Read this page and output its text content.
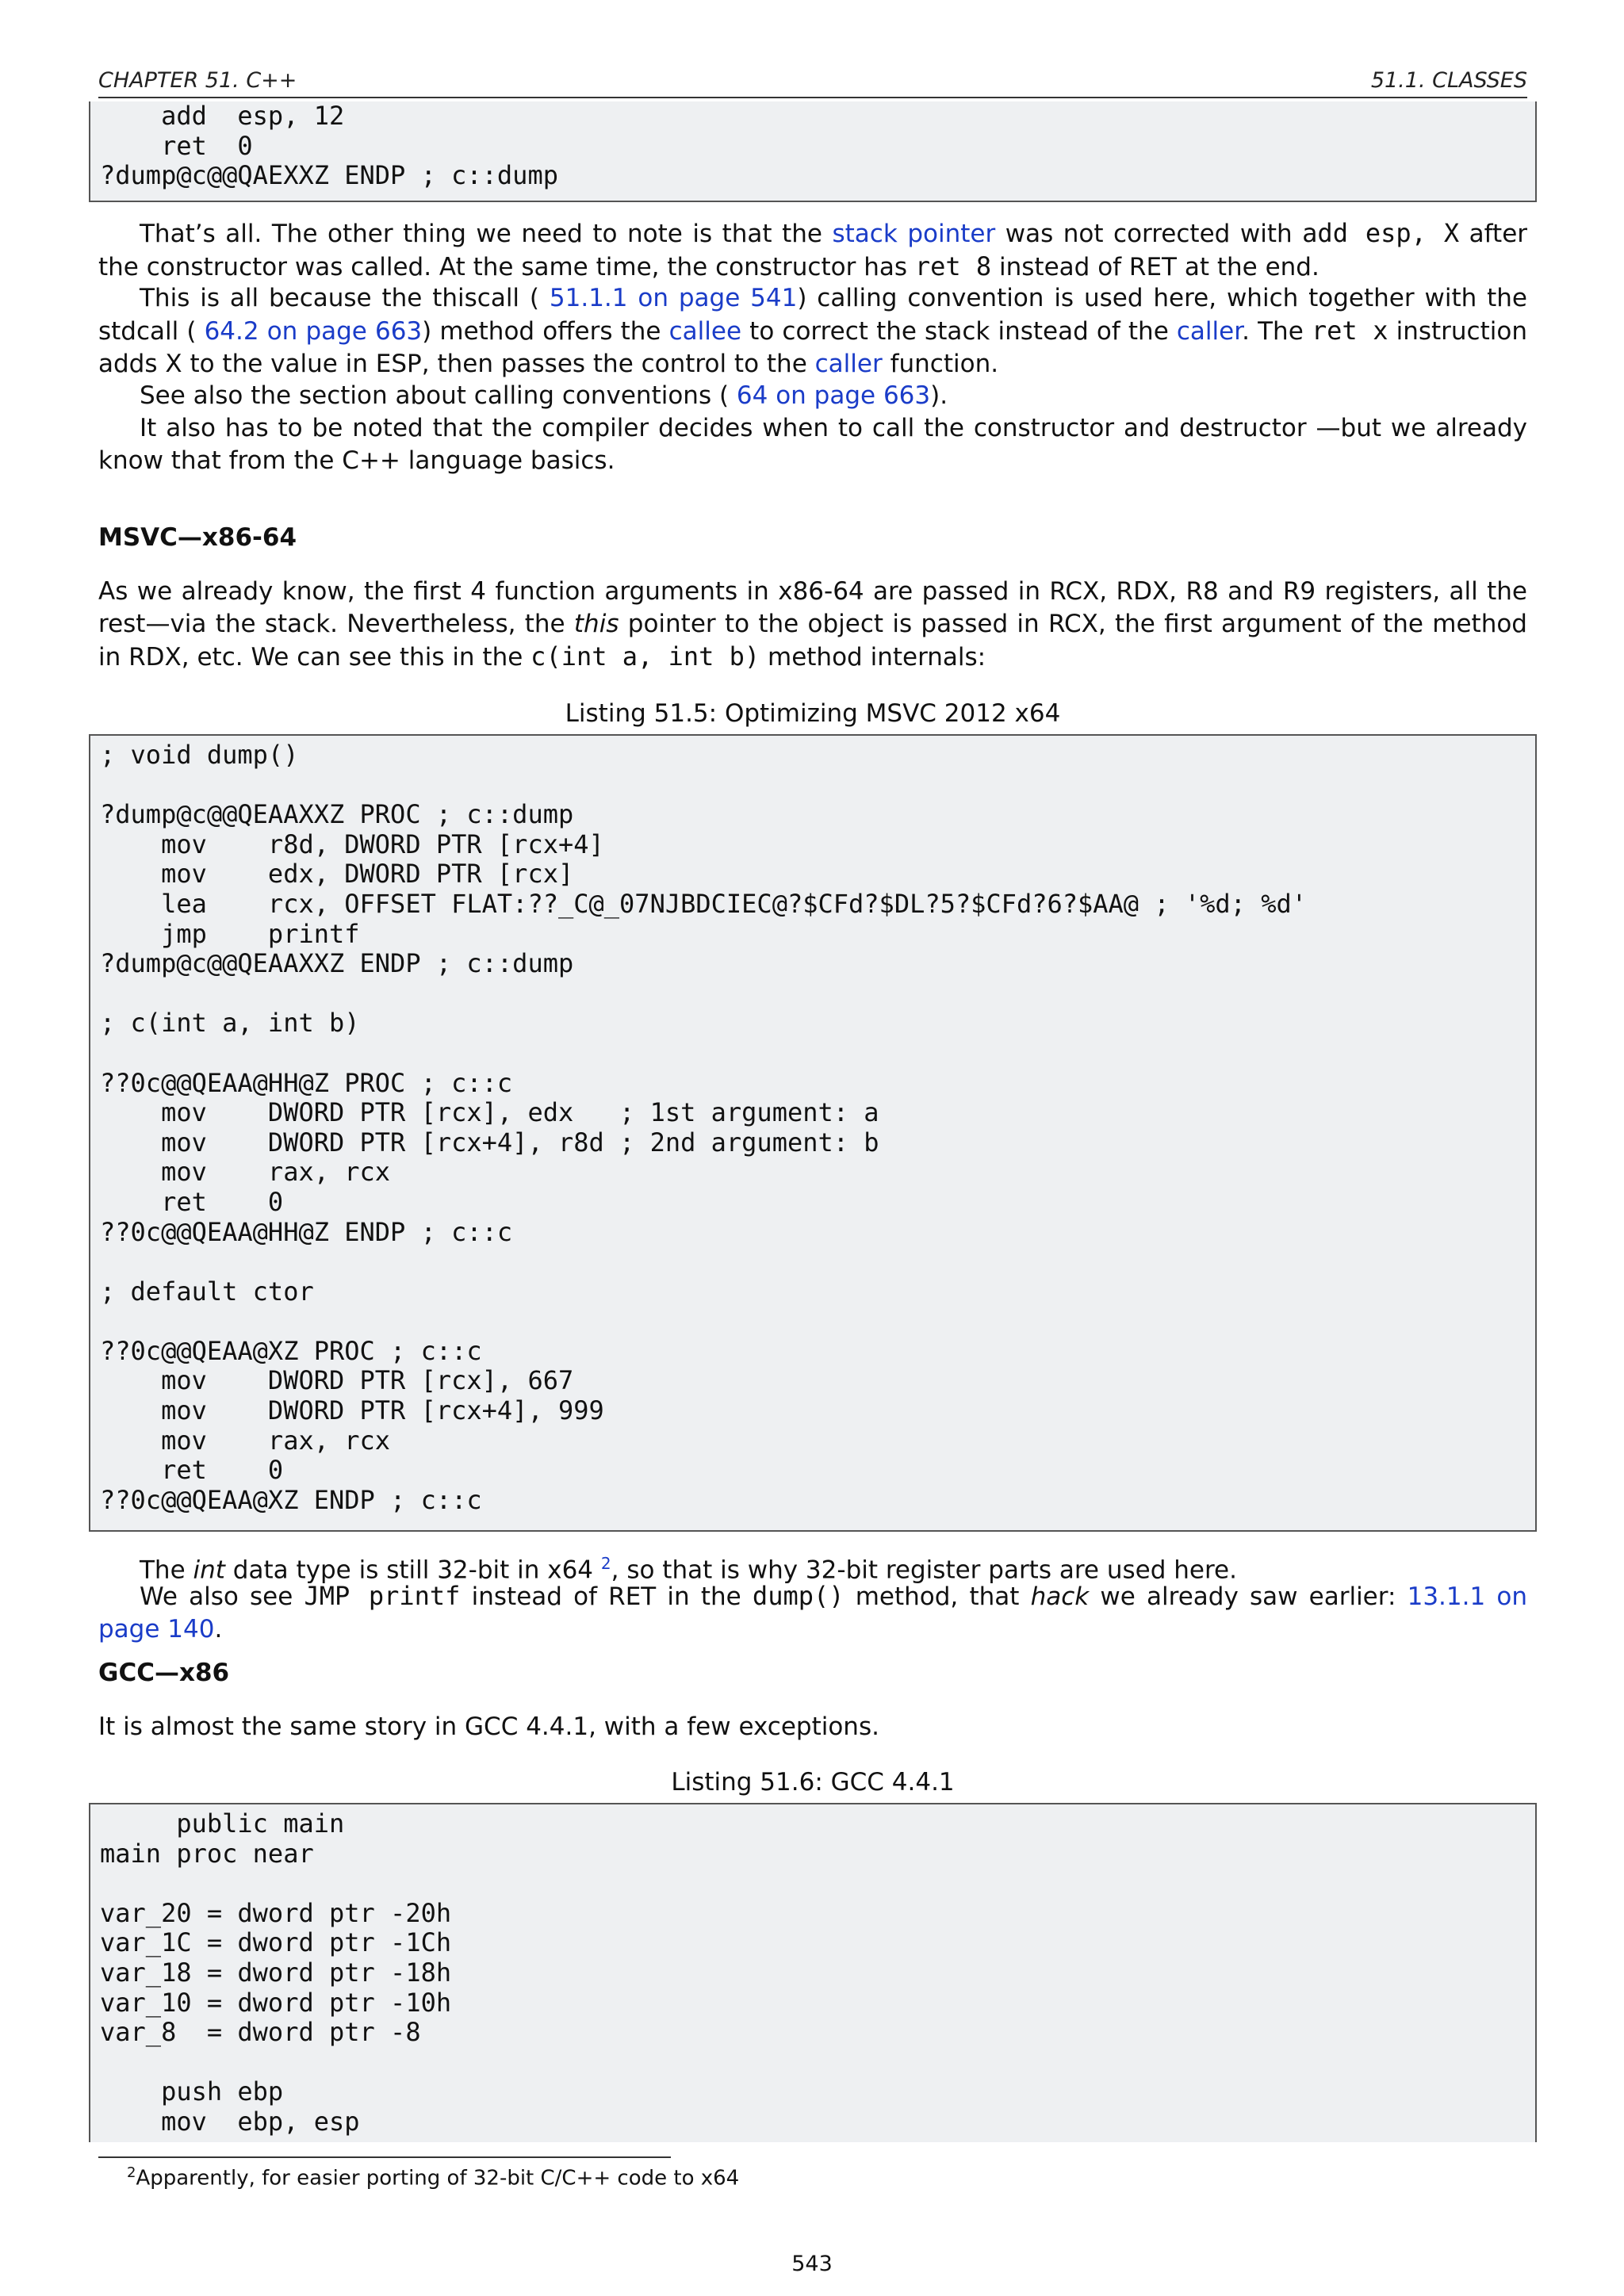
CHAPTER 51. C++	51.1. CLASSES
add  esp, 12
ret  0
?dump@c@@QAEXXZ ENDP ; c::dump

That’s all. The other thing we need to note is that the stack pointer was not corrected with add esp, X after the constructor was called. At the same time, the constructor has ret 8 instead of RET at the end.

This is all because the thiscall ( 51.1.1 on page 541) calling convention is used here, which together with the stdcall ( 64.2 on page 663) method offers the callee to correct the stack instead of the caller. The ret x instruction adds X to the value in ESP, then passes the control to the caller function.

See also the section about calling conventions ( 64 on page 663).

It also has to be noted that the compiler decides when to call the constructor and destructor —but we already know that from the C++ language basics.

MSVC—x86-64

As we already know, the first 4 function arguments in x86-64 are passed in RCX, RDX, R8 and R9 registers, all the rest—via the stack. Nevertheless, the this pointer to the object is passed in RCX, the first argument of the method in RDX, etc. We can see this in the c(int a, int b) method internals:

Listing 51.5: Optimizing MSVC 2012 x64
; void dump()

?dump@c@@QEAAXXZ PROC ; c::dump
mov    r8d, DWORD PTR [rcx+4]
mov    edx, DWORD PTR [rcx]
lea    rcx, OFFSET FLAT:??_C@_07NJBDCIEC@?$CFd?$DL?5?$CFd?6?$AA@ ; '%d; %d'
jmp    printf
?dump@c@@QEAAXXZ ENDP ; c::dump

; c(int a, int b)

??0c@@QEAA@HH@Z PROC ; c::c
mov    DWORD PTR [rcx], edx   ; 1st argument: a
mov    DWORD PTR [rcx+4], r8d ; 2nd argument: b
mov    rax, rcx
ret    0
??0c@@QEAA@HH@Z ENDP ; c::c

; default ctor

??0c@@QEAA@XZ PROC ; c::c
mov    DWORD PTR [rcx], 667
mov    DWORD PTR [rcx+4], 999
mov    rax, rcx
ret    0
??0c@@QEAA@XZ ENDP ; c::c

The int data type is still 32-bit in x64 $^2$, so that is why 32-bit register parts are used here.

We also see JMP printf instead of RET in the dump() method, that hack we already saw earlier: 13.1.1 on page 140.

GCC—x86

It is almost the same story in GCC 4.4.1, with a few exceptions.

Listing 51.6: GCC 4.4.1
public main
main proc near

var_20 = dword ptr -20h
var_1C = dword ptr -1Ch
var_18 = dword ptr -18h
var_10 = dword ptr -10h
var_8  = dword ptr -8

push ebp
mov  ebp, esp
$^2$Apparently, for easier porting of 32-bit C/C++ code to x64
543
